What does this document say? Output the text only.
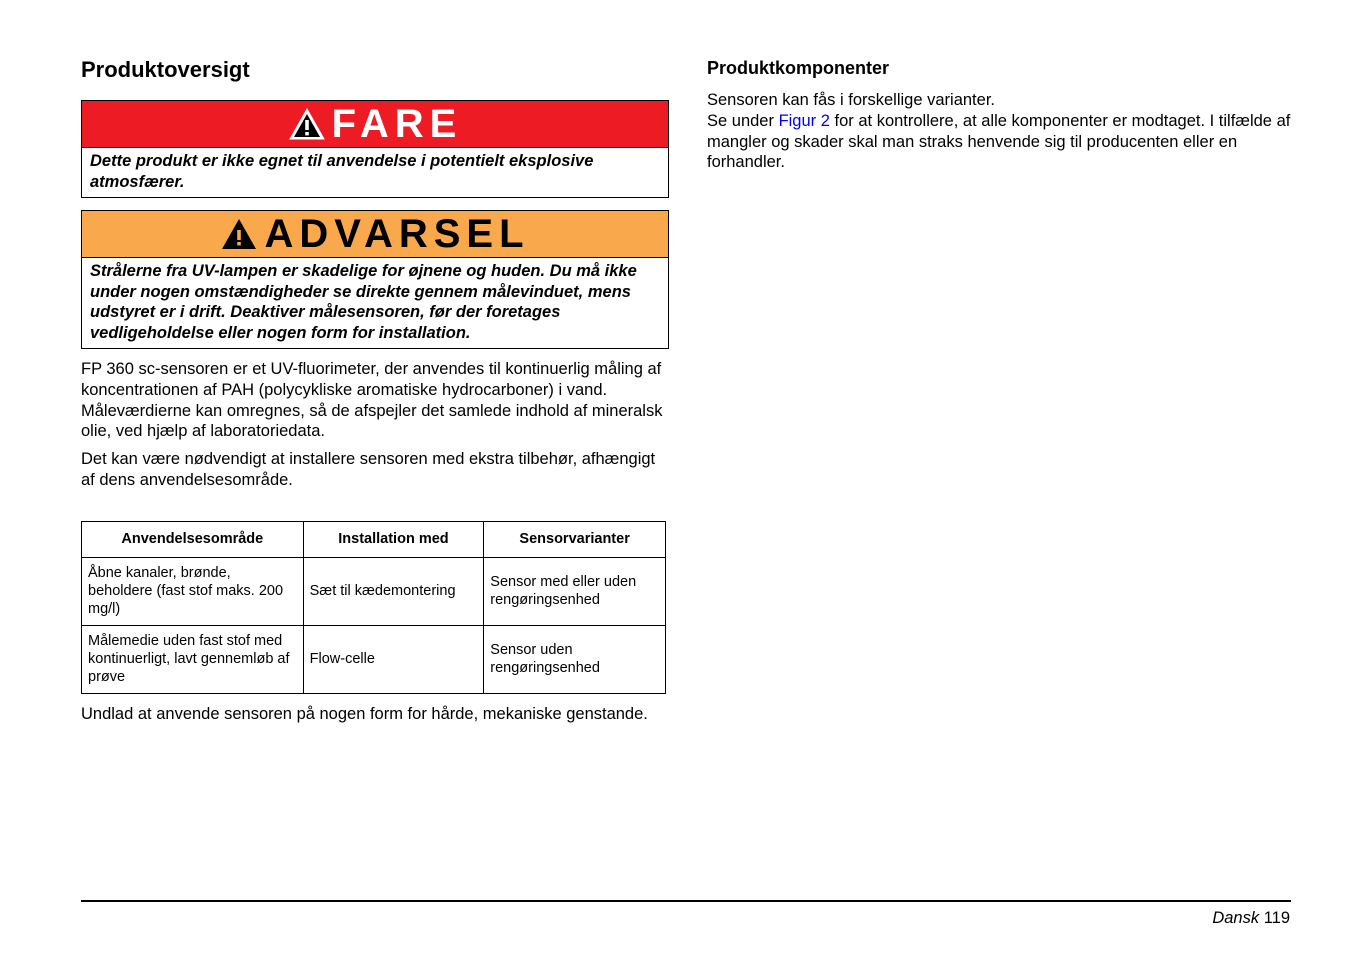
Produktoversigt
FARE
Dette produkt er ikke egnet til anvendelse i potentielt eksplosive atmosfærer.
ADVARSEL
Strålerne fra UV-lampen er skadelige for øjnene og huden. Du må ikke under nogen omstændigheder se direkte gennem målevinduet, mens udstyret er i drift. Deaktiver målesensoren, før der foretages vedligeholdelse eller nogen form for installation.

FP 360 sc-sensoren er et UV-fluorimeter, der anvendes til kontinuerlig måling af koncentrationen af PAH (polycykliske aromatiske hydrocarboner) i vand. Måleværdierne kan omregnes, så de afspejler det samlede indhold af mineralsk olie, ved hjælp af laboratoriedata.

Det kan være nødvendigt at installere sensoren med ekstra tilbehør, afhængigt af dens anvendelsesområde.

Anvendelsesområde	Installation med	Sensorvarianter
Åbne kanaler, brønde, beholdere (fast stof maks. 200 mg/l)	Sæt til kædemontering	Sensor med eller uden rengøringsenhed
Målemedie uden fast stof med kontinuerligt, lavt gennemløb af prøve	Flow-celle	Sensor uden rengøringsenhed

Undlad at anvende sensoren på nogen form for hårde, mekaniske genstande.

Produktkomponenter

Sensoren kan fås i forskellige varianter.

Se under Figur 2 for at kontrollere, at alle komponenter er modtaget. I tilfælde af mangler og skader skal man straks henvende sig til producenten eller en forhandler.

Dansk 119
